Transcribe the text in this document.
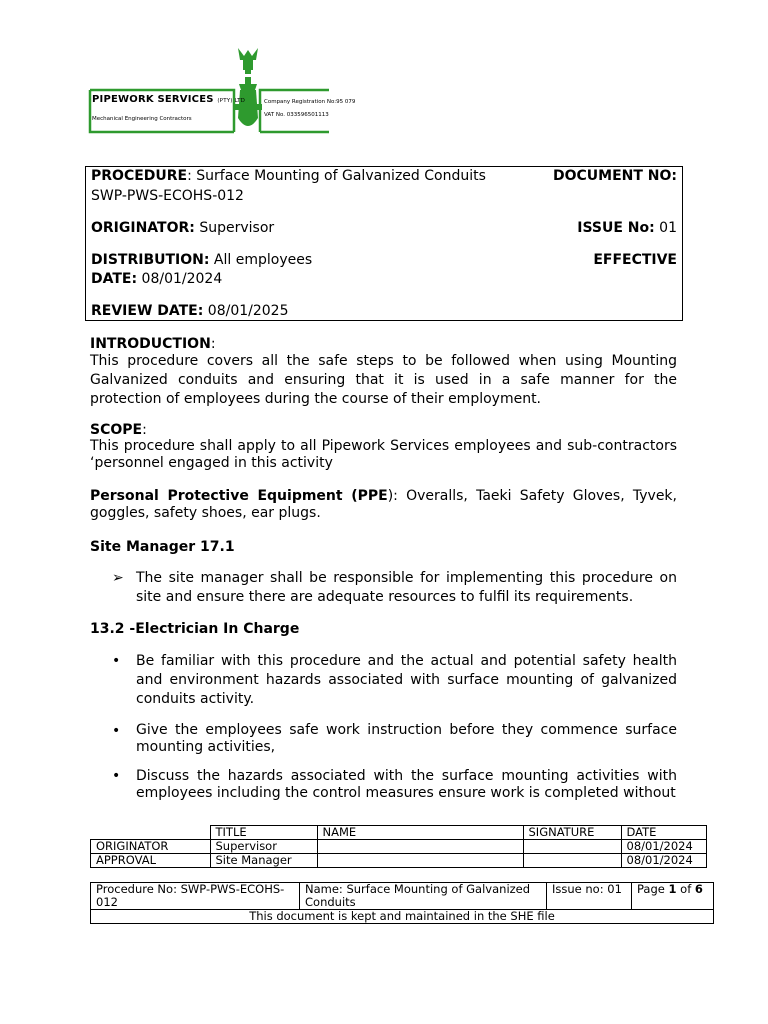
PIPEWORK SERVICES (PTY) LTD
Mechanical Engineering Contractors
Company Registration No:95 079
VAT No. 033596501113
PROCEDURE: Surface Mounting of Galvanized Conduits	DOCUMENT NO:
SWP-PWS-ECOHS-012
ORIGINATOR: Supervisor	ISSUE No: 01
DISTRIBUTION: All employees	EFFECTIVE
DATE: 08/01/2024
REVIEW DATE: 08/01/2025
INTRODUCTION:
This procedure covers all the safe steps to be followed when using Mounting Galvanized conduits and ensuring that it is used in a safe manner for the protection of employees during the course of their employment.
SCOPE:
This procedure shall apply to all Pipework Services employees and sub-contractors ‘personnel engaged in this activity
Personal Protective Equipment (PPE): Overalls, Taeki Safety Gloves, Tyvek, goggles, safety shoes, ear plugs.
Site Manager 17.1
➢ The site manager shall be responsible for implementing this procedure on site and ensure there are adequate resources to fulfil its requirements.
13.2 -Electrician In Charge
• Be familiar with this procedure and the actual and potential safety health and environment hazards associated with surface mounting of galvanized conduits activity.
• Give the employees safe work instruction before they commence surface mounting activities,
• Discuss the hazards associated with the surface mounting activities with employees including the control measures ensure work is completed without
	TITLE	NAME	SIGNATURE	DATE
ORIGINATOR	Supervisor			08/01/2024
APPROVAL	Site Manager			08/01/2024
Procedure No: SWP-PWS-ECOHS-012	Name: Surface Mounting of Galvanized Conduits	Issue no: 01	Page 1 of 6
This document is kept and maintained in the SHE file
